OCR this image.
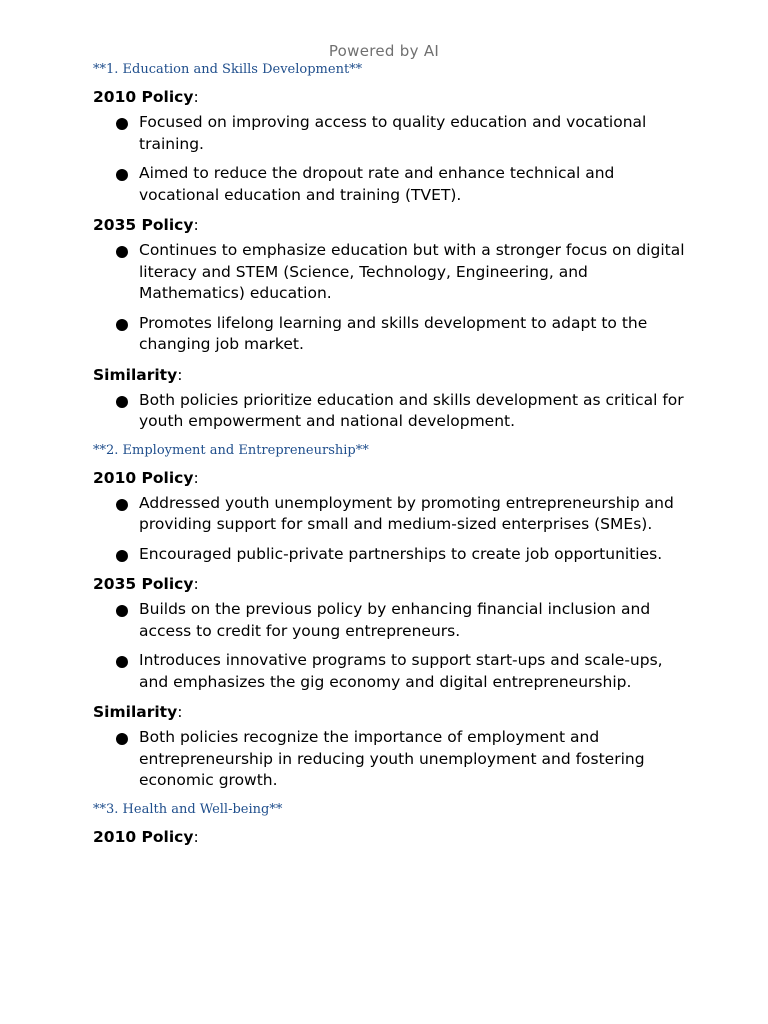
Powered by AI
**1. Education and Skills Development**
2010 Policy:
Focused on improving access to quality education and vocational training.
Aimed to reduce the dropout rate and enhance technical and vocational education and training (TVET).
2035 Policy:
Continues to emphasize education but with a stronger focus on digital literacy and STEM (Science, Technology, Engineering, and Mathematics) education.
Promotes lifelong learning and skills development to adapt to the changing job market.
Similarity:
Both policies prioritize education and skills development as critical for youth empowerment and national development.
**2. Employment and Entrepreneurship**
2010 Policy:
Addressed youth unemployment by promoting entrepreneurship and providing support for small and medium-sized enterprises (SMEs).
Encouraged public-private partnerships to create job opportunities.
2035 Policy:
Builds on the previous policy by enhancing financial inclusion and access to credit for young entrepreneurs.
Introduces innovative programs to support start-ups and scale-ups, and emphasizes the gig economy and digital entrepreneurship.
Similarity:
Both policies recognize the importance of employment and entrepreneurship in reducing youth unemployment and fostering economic growth.
**3. Health and Well-being**
2010 Policy:
